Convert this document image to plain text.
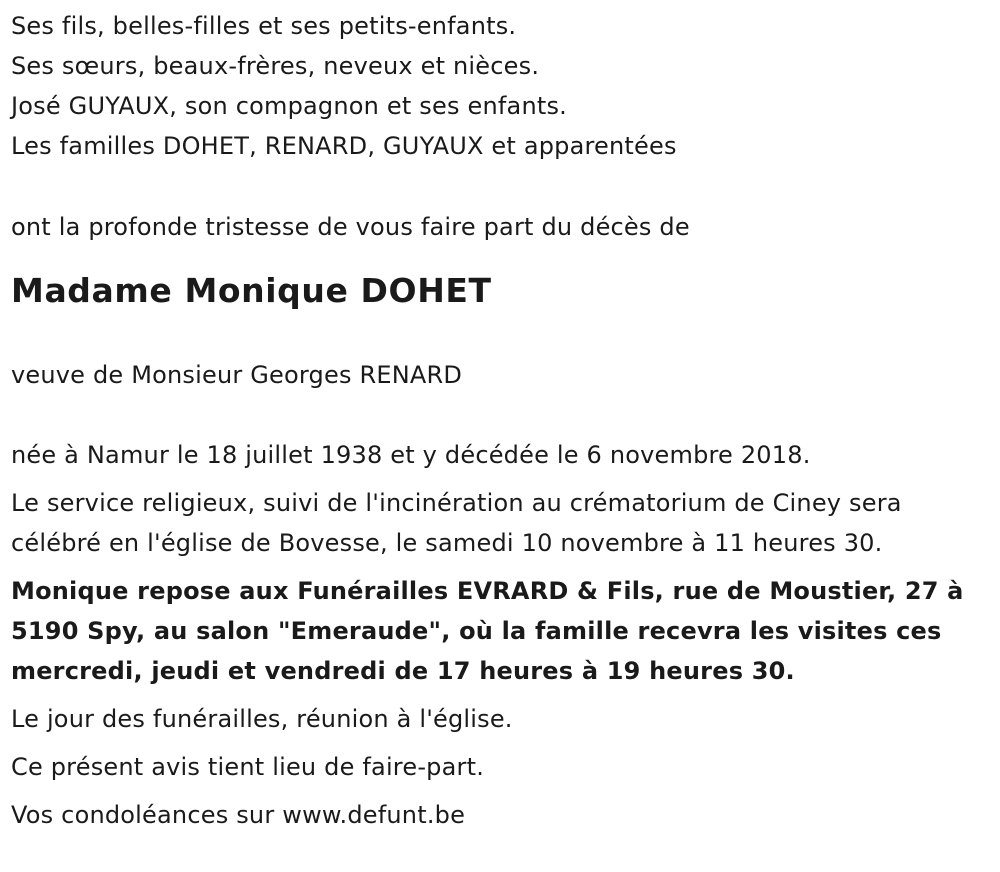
Ses fils, belles-filles et ses petits-enfants.
Ses sœurs, beaux-frères, neveux et nièces.
José GUYAUX, son compagnon et ses enfants.
Les familles DOHET, RENARD, GUYAUX et apparentées
ont la profonde tristesse de vous faire part du décès de
Madame Monique DOHET
veuve de Monsieur Georges RENARD
née à Namur le 18 juillet 1938 et y décédée le 6 novembre 2018.
Le service religieux, suivi de l'incinération au crématorium de Ciney sera
célébré en l'église de Bovesse, le samedi 10 novembre à 11 heures 30.
Monique repose aux Funérailles EVRARD & Fils, rue de Moustier, 27 à
5190 Spy, au salon "Emeraude", où la famille recevra les visites ces
mercredi, jeudi et vendredi de 17 heures à 19 heures 30.
Le jour des funérailles, réunion à l'église.
Ce présent avis tient lieu de faire-part.
Vos condoléances sur www.defunt.be
